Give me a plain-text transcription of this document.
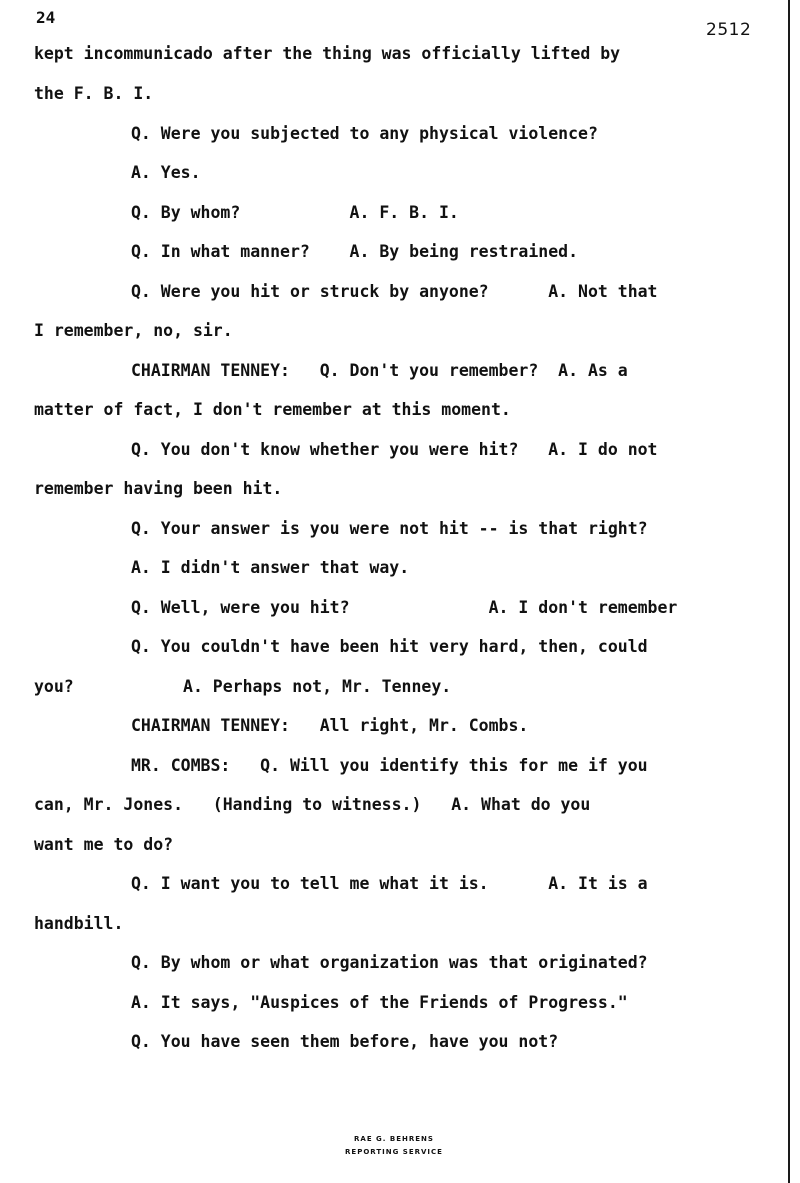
24
2512
kept incommunicado after the thing was officially lifted by
the F. B. I.
Q. Were you subjected to any physical violence?
A. Yes.
Q. By whom?           A. F. B. I.
Q. In what manner?    A. By being restrained.
Q. Were you hit or struck by anyone?      A. Not that
I remember, no, sir.
CHAIRMAN TENNEY:   Q. Don't you remember?  A. As a
matter of fact, I don't remember at this moment.
Q. You don't know whether you were hit?   A. I do not
remember having been hit.
Q. Your answer is you were not hit -- is that right?
A. I didn't answer that way.
Q. Well, were you hit?              A. I don't remember
Q. You couldn't have been hit very hard, then, could
you?           A. Perhaps not, Mr. Tenney.
CHAIRMAN TENNEY:   All right, Mr. Combs.
MR. COMBS:   Q. Will you identify this for me if you
can, Mr. Jones.   (Handing to witness.)   A. What do you
want me to do?
Q. I want you to tell me what it is.      A. It is a
handbill.
Q. By whom or what organization was that originated?
A. It says, "Auspices of the Friends of Progress."
Q. You have seen them before, have you not?
RAE G. BEHRENS
REPORTING SERVICE
